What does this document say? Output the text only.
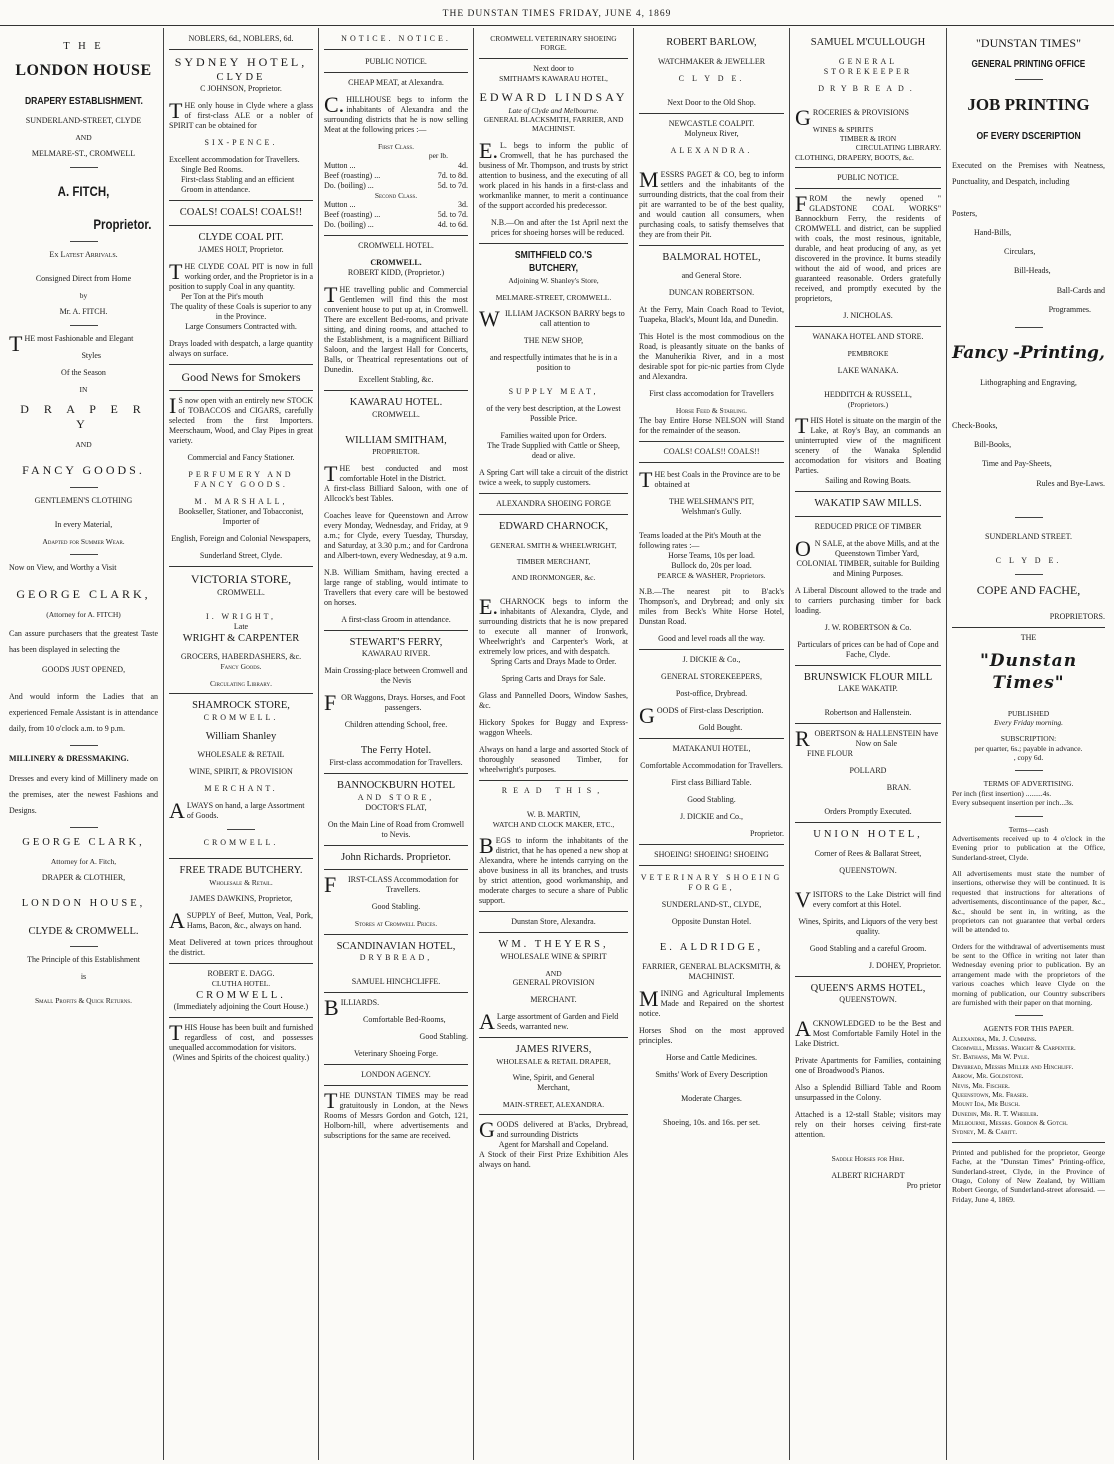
THE DUNSTAN TIMES FRIDAY, JUNE 4, 1869
T H E
LONDON HOUSE
DRAPERY ESTABLISHMENT.
SUNDERLAND-STREET, CLYDE
AND
MELMARE-ST., CROMWELL
A. FITCH,
Proprietor.
Ex Latest Arrivals.
Consigned Direct from Home
by
Mr. A. FITCH.

THE most Fashionable and Elegant

Styles
Of the Season
IN
D R A P E R Y
AND
FANCY GOODS.
GENTLEMEN'S CLOTHING
In every Material,
Adapted for Summer Wear.
Now on View, and Worthy a Visit
GEORGE CLARK,
(Attorney for A. FITCH)

Can assure purchasers that the greatest Taste has been displayed in selecting the

GOODS JUST OPENED,

And would inform the Ladies that an experienced Female Assistant is in attendance daily, from 10 o'clock a.m. to 9 p.m.

MILLINERY & DRESSMAKING.

Dresses and every kind of Millinery made on the premises, ater the newest Fashions and Designs.

GEORGE CLARK,
Attorney for A. Fitch,
DRAPER & CLOTHIER,
LONDON HOUSE,
CLYDE & CROMWELL.
The Principle of this Establishment
is
Small Profits & Quick Returns.
NOBLERS, 6d., NOBLERS, 6d.
SYDNEY HOTEL,
CLYDE
C JOHNSON, Proprietor.

THE only house in Clyde where a glass of first-class ALE or a nobler of SPIRIT can be obtained for

SIX-PENCE.

Excellent accommodation for Travellers.

Single Bed Rooms.

First-class Stabling and an efficient Groom in attendance.

COALS! COALS! COALS!!
CLYDE COAL PIT.
JAMES HOLT, Proprietor.

THE CLYDE COAL PIT is now in full working order, and the Proprietor is in a position to supply Coal in any quantity.

Per Ton at the Pit's mouth

The quality of these Coals is superior to any in the Province.

Large Consumers Contracted with.

Drays loaded with despatch, a large quantity always on surface.

Good News for Smokers

IS now open with an entirely new STOCK of TOBACCOS and CIGARS, carefully selected from the first Importers. Meerschaum, Wood, and Clay Pipes in great variety.

Commercial and Fancy Stationer.
PERFUMERY AND FANCY GOODS.
M. MARSHALL,
Bookseller, Stationer, and Tobacconist, Importer of
English, Foreign and Colonial Newspapers,
Sunderland Street, Clyde.
VICTORIA STORE,
CROMWELL.
I. WRIGHT,
Late
WRIGHT & CARPENTER
GROCERS, HABERDASHERS, &c.
Fancy Goods.
Circulating Library.
SHAMROCK STORE,
CROMWELL.
William Shanley
WHOLESALE & RETAIL
WINE, SPIRIT, & PROVISION
MERCHANT.

ALWAYS on hand, a large Assortment of Goods.

CROMWELL.
FREE TRADE BUTCHERY.
Wholesale & Retail.
JAMES DAWKINS, Proprietor,

ASUPPLY of Beef, Mutton, Veal, Pork, Hams, Bacon, &c., always on hand.

Meat Delivered at town prices throughout the district.

ROBERT E. DAGG.
CLUTHA HOTEL.
CROMWELL.

(Immediately adjoining the Court House.)

THIS House has been built and furnished regardless of cost, and possesses unequalled accommodation for visitors.

(Wines and Spirits of the choicest quality.)

NOTICE. NOTICE.
PUBLIC NOTICE.
CHEAP MEAT, at Alexandra.

C.HILLHOUSE begs to inform the inhabitants of Alexandra and the surrounding districts that he is now selling Meat at the following prices :—

First Class.
per lb.
Mutton ...	4d.
Beef (roasting) ...	7d. to 8d.
Do. (boiling) ...	5d. to 7d.
Second Class.
Mutton ...	3d.
Beef (roasting) ...	5d. to 7d.
Do. (boiling) ...	4d. to 6d.
CROMWELL HOTEL.
CROMWELL.
ROBERT KIDD, (Proprietor.)

THE travelling public and Commercial Gentlemen will find this the most convenient house to put up at, in Cromwell. There are excellent Bed-rooms, and private sitting, and dining rooms, and attached to the Establishment, is a magnificent Billiard Saloon, and the largest Hall for Concerts, Balls, or Theatrical representations out of Dunedin.

Excellent Stabling, &c.
KAWARAU HOTEL.
CROMWELL.
WILLIAM SMITHAM,
PROPRIETOR.

THE best conducted and most comfortable Hotel in the District.

A first-class Billiard Saloon, with one of Allcock's best Tables.

Coaches leave for Queenstown and Arrow every Monday, Wednesday, and Friday, at 9 a.m.; for Clyde, every Tuesday, Thursday, and Saturday, at 3.30 p.m.; and for Cardrona and Albert-town, every Wednesday, at 9 a.m.

N.B. William Smitham, having erected a large range of stabling, would intimate to Travellers that every care will be bestowed on horses.

A first-class Groom in attendance.
STEWART'S FERRY,
KAWARAU RIVER.

Main Crossing-place between Cromwell and the Nevis

FOR Waggons, Drays. Horses, and Foot passengers.

Children attending School, free.
The Ferry Hotel.
First-class accommodation for Travellers.
BANNOCKBURN HOTEL
AND STORE,
DOCTOR'S FLAT,

On the Main Line of Road from Cromwell to Nevis.

John Richards. Proprietor.

FIRST-CLASS Accommodation for Travellers.

Good Stabling.
Stores at Cromwell Prices.
SCANDINAVIAN HOTEL,
DRYBREAD,
SAMUEL HINCHCLIFFE.
BILLIARDS.
Comfortable Bed-Rooms,
Good Stabling.
Veterinary Shoeing Forge.
LONDON AGENCY.

THE DUNSTAN TIMES may be read gratuitously in London, at the News Rooms of Messrs Gordon and Gotch, 121, Holborn-hill, where advertisements and subscriptions for the same are received.

CROMWELL VETERINARY SHOEING FORGE.
Next door to
SMITHAM'S KAWARAU HOTEL,
EDWARD LINDSAY
Late of Clyde and Melbourne.
GENERAL BLACKSMITH, FARRIER, AND MACHINIST.

E.L. begs to inform the public of Cromwell, that he has purchased the business of Mr. Thompson, and trusts by strict attention to business, and the executing of all work placed in his hands in a first-class and workmanlike manner, to merit a continuance of the support accorded his predecessor.

N.B.—On and after the 1st April next the prices for shoeing horses will be reduced.

SMITHFIELD CO.'S BUTCHERY,
Adjoining W. Shanley's Store,
MELMARE-STREET, CROMWELL.

WILLIAM JACKSON BARRY begs to call attention to

THE NEW SHOP,

and respectfully intimates that he is in a position to

SUPPLY MEAT,

of the very best description, at the Lowest Possible Price.

Families waited upon for Orders.

The Trade Supplied with Cattle or Sheep, dead or alive.

A Spring Cart will take a circuit of the district twice a week, to supply customers.

ALEXANDRA SHOEING FORGE
EDWARD CHARNOCK,
GENERAL SMITH & WHEELWRIGHT,
TIMBER MERCHANT,
AND IRONMONGER, &c.

E.CHARNOCK begs to inform the inhabitants of Alexandra, Clyde, and surrounding districts that he is now prepared to execute all manner of Ironwork, Wheelwright's and Carpenter's Work, at extremely low prices, and with despatch.

Spring Carts and Drays Made to Order.

Spring Carts and Drays for Sale.

Glass and Pannelled Doors, Window Sashes, &c.

Hickory Spokes for Buggy and Express-waggon Wheels.

Always on hand a large and assorted Stock of thoroughly seasoned Timber, for wheelwright's purposes.

READ THIS,
W. B. MARTIN,
WATCH AND CLOCK MAKER, ETC.,

BEGS to inform the inhabitants of the district, that he has opened a new shop at Alexandra, where he intends carrying on the above business in all its branches, and trusts by strict attention, good workmanship, and moderate charges to secure a share of Public support.

Dunstan Store, Alexandra.
WM. THEYERS,
WHOLESALE WINE & SPIRIT
AND
GENERAL PROVISION
MERCHANT.

ALarge assortment of Garden and Field Seeds, warranted new.

JAMES RIVERS,
WHOLESALE & RETAIL DRAPER,
Wine, Spirit, and General
Merchant,
MAIN-STREET, ALEXANDRA.

GOODS delivered at B'acks, Drybread, and surrounding Districts

Agent for Marshall and Copeland.

A Stock of their First Prize Exhibition Ales always on hand.

ROBERT BARLOW,
WATCHMAKER & JEWELLER
C L Y D E.
Next Door to the Old Shop.
NEWCASTLE COALPIT.
Molyneux River,
ALEXANDRA.

MESSRS PAGET & CO, beg to inform settlers and the inhabitants of the surrounding districts, that the coal from their pit are warranted to be of the best quality, and would caution all consumers, when purchasing coals, to satisfy themselves that they are from their Pit.

BALMORAL HOTEL,
and General Store.
DUNCAN ROBERTSON.

At the Ferry, Main Coach Road to Teviot, Tuapeka, Black's, Mount Ida, and Dunedin.

This Hotel is the most commodious on the Road, is pleasantly situate on the banks of the Manuherikia River, and in a most desirable spot for pic-nic parties from Clyde and Alexandra.

First class accomodation for Travellers

Horse Feed & Stabling.

The bay Entire Horse NELSON will Stand for the remainder of the season.

COALS! COALS!! COALS!!

THE best Coals in the Province are to be obtained at

THE WELSHMAN'S PIT,
Welshman's Gully.

Teams loaded at the Pit's Mouth at the following rates :—

Horse Teams, 10s per load.

Bullock do, 20s per load.

PEARCE & WASHER, Proprietors.

N.B.—The nearest pit to B'ack's Thompson's, and Drybread; and only six miles from Beck's White Horse Hotel, Dunstan Road.

Good and level roads all the way.

J. DICKIE & Co.,
GENERAL STOREKEEPERS,
Post-office, Drybread.

GOODS of First-class Description.

Gold Bought.
MATAKANUI HOTEL,

Comfortable Accommodation for Travellers.

First class Billiard Table.
Good Stabling.
J. DICKIE and Co.,
Proprietor.
SHOEING! SHOEING! SHOEING
VETERINARY SHOEING
FORGE,
SUNDERLAND-ST., CLYDE,
Opposite Dunstan Hotel.
E. ALDRIDGE,

FARRIER, GENERAL BLACKSMITH, & MACHINIST.

MINING and Agricultural Implements Made and Repaired on the shortest notice.

Horses Shod on the most approved principles.

Horse and Cattle Medicines.

Smiths' Work of Every Description

Moderate Charges.
Shoeing, 10s. and 16s. per set.
SAMUEL M'CULLOUGH
GENERAL STOREKEEPER
DRYBREAD.

GROCERIES & PROVISIONS

WINES & SPIRITS
TIMBER & IRON
CIRCULATING LIBRARY.
CLOTHING, DRAPERY, BOOTS, &c.
PUBLIC NOTICE.

FROM the newly opened " GLADSTONE COAL WORKS" Bannockburn Ferry, the residents of CROMWELL and district, can be supplied with coals, the most resinous, ignitable, durable, and heat producing of any, as yet discovered in the province. It burns steadily without the aid of wood, and prices are guaranteed reasonable. Orders gratefully received, and promptly executed by the proprietors,

J. NICHOLAS.
WANAKA HOTEL AND STORE.
PEMBROKE
LAKE WANAKA.
HEDDITCH & RUSSELL,
(Proprietors.)

THIS Hotel is situate on the margin of the Lake, at Roy's Bay, an commands an uninterrupted view of the magnificent scenery of the Wanaka Splendid accomodation for visitors and Boating Parties.

Sailing and Rowing Boats.

WAKATIP SAW MILLS.
REDUCED PRICE OF TIMBER

ON SALE, at the above Mills, and at the

Queenstown Timber Yard,

COLONIAL TIMBER, suitable for Building and Mining Purposes.

A Liberal Discount allowed to the trade and to carriers purchasing timber for back loading.

J. W. ROBERTSON & Co.

Particulars of prices can be had of Cope and Fache, Clyde.

BRUNSWICK FLOUR MILL
LAKE WAKATIP.
Robertson and Hallenstein.

ROBERTSON & HALLENSTEIN have Now on Sale

FINE FLOUR
POLLARD
BRAN.
Orders Promptly Executed.
UNION HOTEL,
Corner of Rees & Ballarat Street,
QUEENSTOWN.

VISITORS to the Lake District will find every comfort at this Hotel.

Wines, Spirits, and Liquors of the very best quality.

Good Stabling and a careful Groom.

J. DOHEY, Proprietor.
QUEEN'S ARMS HOTEL,
QUEENSTOWN.

ACKNOWLEDGED to be the Best and Most Comfortable Family Hotel in the Lake District.

Private Apartments for Families, containing one of Broadwood's Pianos.

Also a Splendid Billiard Table and Room unsurpassed in the Colony.

Attached is a 12-stall Stable; visitors may rely on their horses ceiving first-rate attention.

Saddle Horses for Hire.
ALBERT RICHARDT
Pro prietor
"DUNSTAN TIMES"
GENERAL PRINTING OFFICE
JOB PRINTING
OF EVERY DSCERIPTION

Executed on the Premises with Neatness, Punctuality, and Despatch, including

Posters,
Hand-Bills,
Circulars,
Bill-Heads,
Ball-Cards and
Programmes.
Fancy -Printing,
Lithographing and Engraving,
Check-Books,
Bill-Books,
Time and Pay-Sheets,
Rules and Bye-Laws.
SUNDERLAND STREET.
C L Y D E.
COPE AND FACHE,
PROPRIETORS.
THE
"Dunstan Times"
PUBLISHED
Every Friday morning.
SUBSCRIPTION:
per quarter, 6s.; payable in advance.
, copy 6d.
TERMS OF ADVERTISING.
Per inch (first insertion) .........4s.
Every subsequent insertion per inch...3s.
Terms—cash

Advertisements received up to 4 o'clock in the Evening prior to publication at the Office, Sunderland-street, Clyde.

All advertisements must state the number of insertions, otherwise they will be continued. It is requested that instructions for alterations of advertisements, discontinuance of the paper, &c., &c., should be sent in, in writing, as the proprietors can not guarantee that verbal orders will be attended to.

Orders for the withdrawal of advertisements must be sent to the Office in writing not later than Wednesday evening prior to publication. By an arrangement made with the proprietors of the various coaches which leave Clyde on the morning of publication, our Country subscribers are furnished with their paper on that morning.

AGENTS FOR THIS PAPER.
Alexandra, Mr. J. Cummins.
Cromwell, Messrs. Wright & Carpenter.
St. Bathans, Mr W. Pyle.
Drybread, Messrs Miller and Hinchliff.
Arrow, Mr. Goldstone.
Nevis, Mr. Fischer.
Queenstown, Mr. Fraser.
Mount Ida, Mr Busch.
Dunedin, Mr. R. T. Wheeler.
Melbourne, Messrs. Gordon & Gotch.
Sydney, M. & Cabitt.

Printed and published for the proprietor, George Fache, at the "Dunstan Times" Printing-office, Sunderland-street, Clyde, in the Province of Otago, Colony of New Zealand, by William Robert George, of Sunderland-street aforesaid. — Friday, June 4, 1869.
